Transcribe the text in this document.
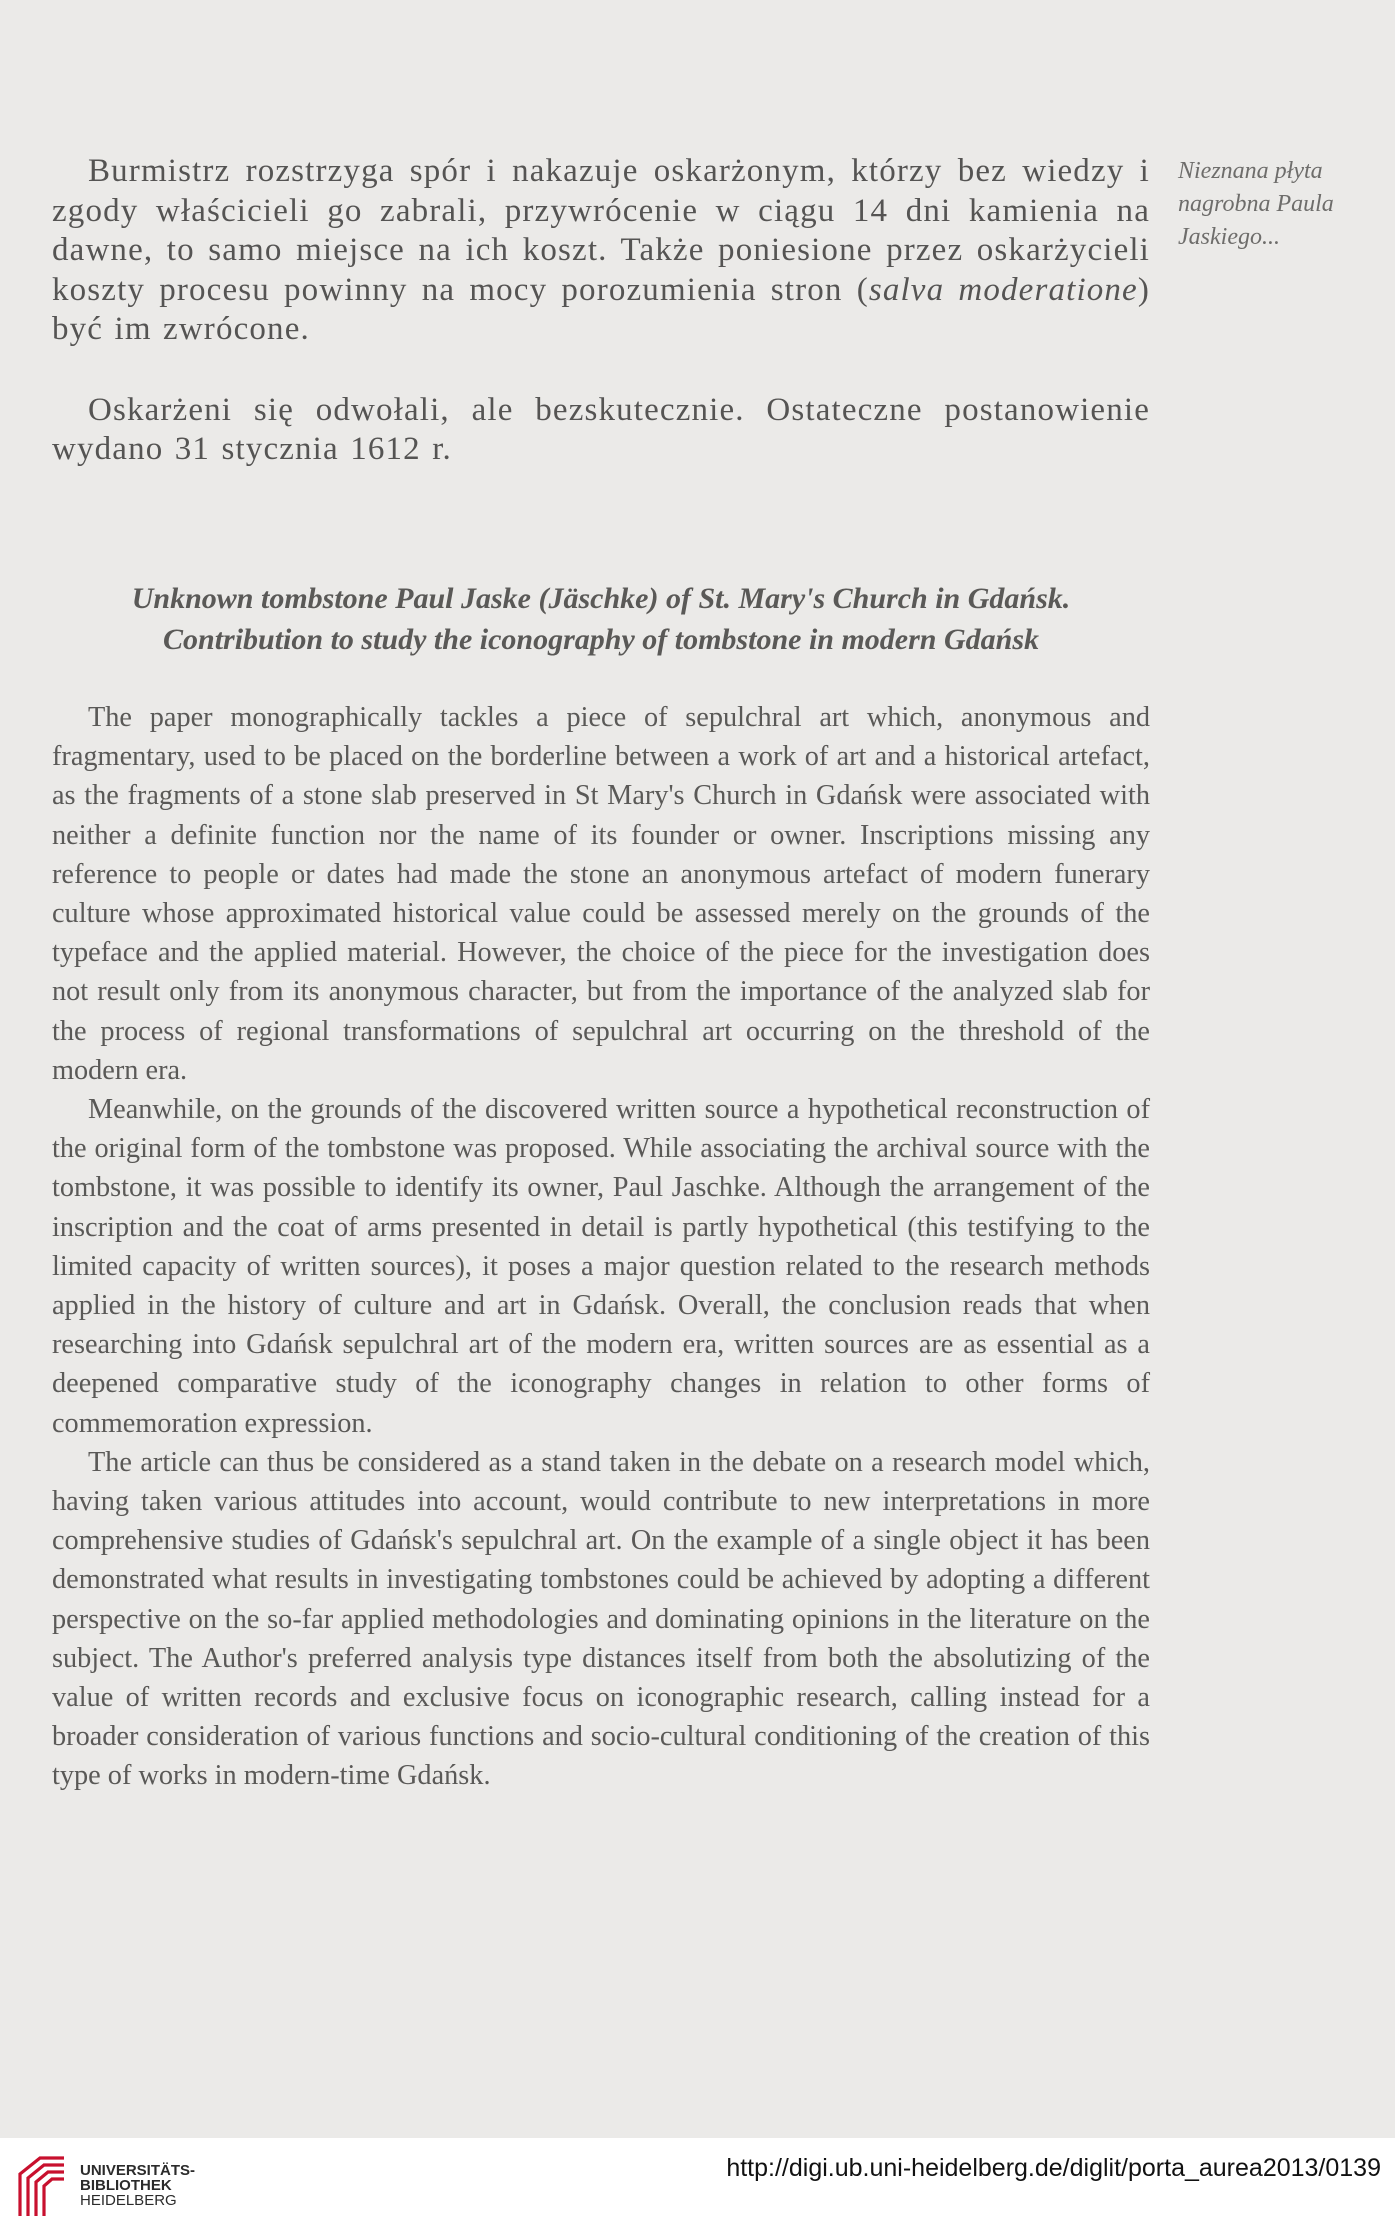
Burmistrz rozstrzyga spór i nakazuje oskarżonym, którzy bez wiedzy i zgody właścicieli go zabrali, przywrócenie w ciągu 14 dni kamienia na dawne, to samo miejsce na ich koszt. Także poniesione przez oskarżycieli koszty procesu powinny na mocy porozumienia stron (salva moderatione) być im zwrócone.

Oskarżeni się odwołali, ale bezskutecznie. Ostateczne postanowienie wydano 31 stycznia 1612 r.

Nieznana płyta
nagrobna Paula
Jaskiego...
Unknown tombstone Paul Jaske (Jäschke) of St. Mary's Church in Gdańsk.
Contribution to study the iconography of tombstone in modern Gdańsk

The paper monographically tackles a piece of sepulchral art which, anonymous and fragmentary, used to be placed on the borderline between a work of art and a historical artefact, as the fragments of a stone slab preserved in St Mary's Church in Gdańsk were associated with neither a definite function nor the name of its founder or owner. Inscriptions missing any reference to people or dates had made the stone an anonymous artefact of modern funerary culture whose approximated historical value could be assessed merely on the grounds of the typeface and the applied material. However, the choice of the piece for the investigation does not result only from its anonymous character, but from the importance of the analyzed slab for the process of regional transformations of sepulchral art occurring on the threshold of the modern era.

Meanwhile, on the grounds of the discovered written source a hypothetical reconstruction of the original form of the tombstone was proposed. While associating the archival source with the tombstone, it was possible to identify its owner, Paul Jaschke. Although the arrangement of the inscription and the coat of arms presented in detail is partly hypothetical (this testifying to the limited capacity of written sources), it poses a major question related to the research methods applied in the history of culture and art in Gdańsk. Overall, the conclusion reads that when researching into Gdańsk sepulchral art of the modern era, written sources are as essential as a deepened comparative study of the iconography changes in relation to other forms of commemoration expression.

The article can thus be considered as a stand taken in the debate on a research model which, having taken various attitudes into account, would contribute to new interpretations in more comprehensive studies of Gdańsk's sepulchral art. On the example of a single object it has been demonstrated what results in investigating tombstones could be achieved by adopting a different perspective on the so-far applied methodologies and dominating opinions in the literature on the subject. The Author's preferred analysis type distances itself from both the absolutizing of the value of written records and exclusive focus on iconographic research, calling instead for a broader consideration of various functions and socio-cultural conditioning of the creation of this type of works in modern-time Gdańsk.

UNIVERSITÄTS-
BIBLIOTHEK
HEIDELBERG
http://digi.ub.uni-heidelberg.de/diglit/porta_aurea2013/0139
